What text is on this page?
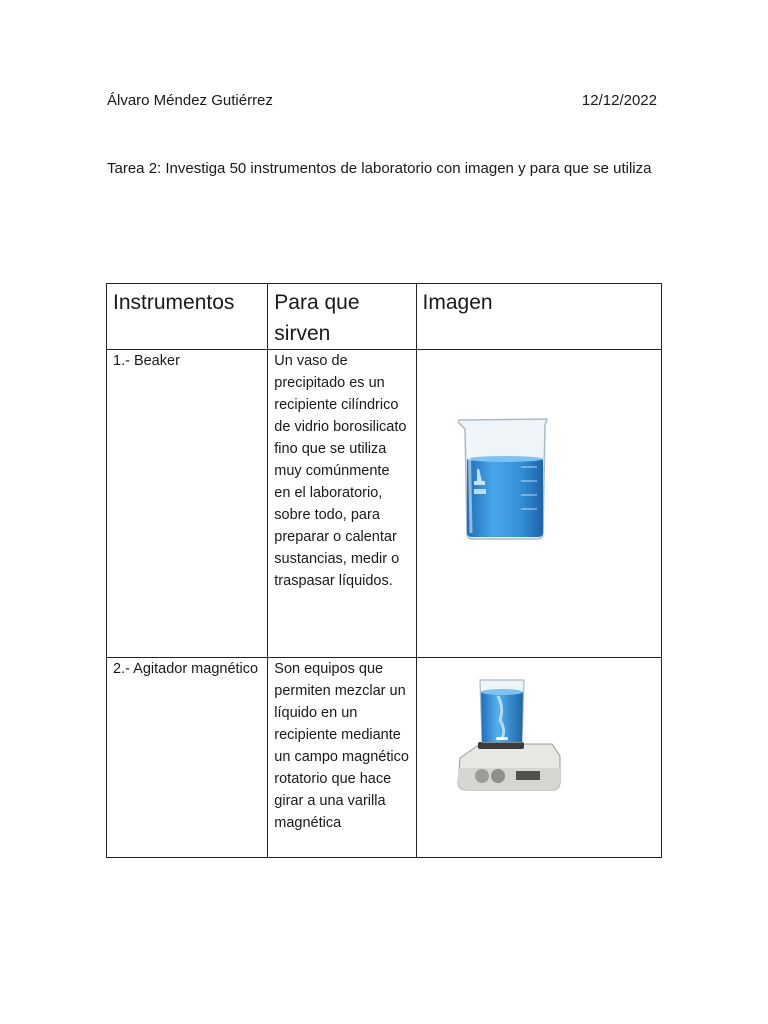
Álvaro Méndez Gutiérrez	12/12/2022
Tarea 2: Investiga 50 instrumentos de laboratorio con imagen y para que se utiliza
Instrumentos	Para que sirven	Imagen
1.- Beaker	Un vaso de precipitado es un recipiente cilíndrico de vidrio borosilicato fino que se utiliza muy comúnmente en el laboratorio, sobre todo, para preparar o calentar sustancias, medir o traspasar líquidos.	

2.- Agitador magnético	Son equipos que permiten mezclar un líquido en un recipiente mediante un campo magnético rotatorio que hace girar a una varilla magnética	
